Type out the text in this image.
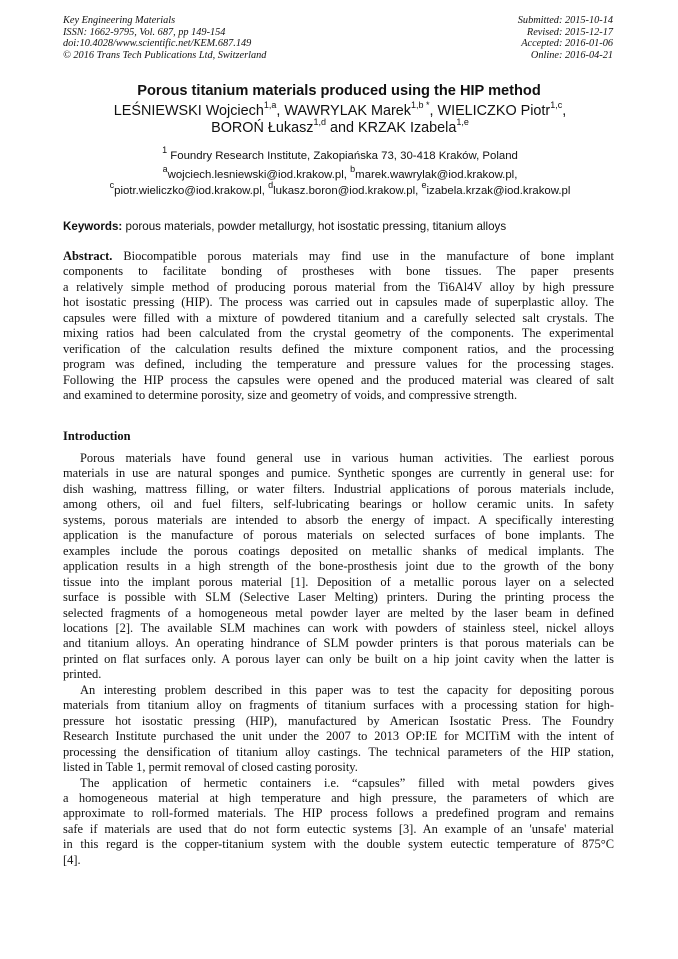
Key Engineering Materials
ISSN: 1662-9795, Vol. 687, pp 149-154
doi:10.4028/www.scientific.net/KEM.687.149
© 2016 Trans Tech Publications Ltd, Switzerland
Submitted: 2015-10-14
Revised: 2015-12-17
Accepted: 2016-01-06
Online: 2016-04-21
Porous titanium materials produced using the HIP method
LEŚNIEWSKI Wojciech$^{1,a}$, WAWRYLAK Marek$^{1,b *}$, WIELICZKO Piotr$^{1,c}$,
BOROŃ Łukasz$^{1,d}$ and KRZAK Izabela$^{1,e}$
$^1$ Foundry Research Institute, Zakopiańska 73, 30-418 Kraków, Poland
$^a$wojciech.lesniewski@iod.krakow.pl, $^b$marek.wawrylak@iod.krakow.pl,
$^c$piotr.wieliczko@iod.krakow.pl, $^d$lukasz.boron@iod.krakow.pl, $^e$izabela.krzak@iod.krakow.pl
Keywords: porous materials, powder metallurgy, hot isostatic pressing, titanium alloys
Abstract. Biocompatible porous materials may find use in the manufacture of bone implant
components to facilitate bonding of prostheses with bone tissues. The paper presents
a relatively simple method of producing porous material from the Ti6Al4V alloy by high pressure
hot isostatic pressing (HIP). The process was carried out in capsules made of superplastic alloy. The
capsules were filled with a mixture of powdered titanium and a carefully selected salt crystals. The
mixing ratios had been calculated from the crystal geometry of the components. The experimental
verification of the calculation results defined the mixture component ratios, and the processing
program was defined, including the temperature and pressure values for the processing stages.
Following the HIP process the capsules were opened and the produced material was cleared of salt
and examined to determine porosity, size and geometry of voids, and compressive strength.
Introduction
Porous materials have found general use in various human activities. The earliest porous
materials in use are natural sponges and pumice. Synthetic sponges are currently in general use: for
dish washing, mattress filling, or water filters. Industrial applications of porous materials include,
among others, oil and fuel filters, self-lubricating bearings or hollow ceramic units. In safety
systems, porous materials are intended to absorb the energy of impact. A specifically interesting
application is the manufacture of porous materials on selected surfaces of bone implants. The
examples include the porous coatings deposited on metallic shanks of medical implants. The
application results in a high strength of the bone-prosthesis joint due to the growth of the bony
tissue into the implant porous material [1]. Deposition of a metallic porous layer on a selected
surface is possible with SLM (Selective Laser Melting) printers. During the printing process the
selected fragments of a homogeneous metal powder layer are melted by the laser beam in defined
locations [2]. The available SLM machines can work with powders of stainless steel, nickel alloys
and titanium alloys. An operating hindrance of SLM powder printers is that porous materials can be
printed on flat surfaces only. A porous layer can only be built on a hip joint cavity when the latter is
printed.
An interesting problem described in this paper was to test the capacity for depositing porous
materials from titanium alloy on fragments of titanium surfaces with a processing station for high-
pressure hot isostatic pressing (HIP), manufactured by American Isostatic Press. The Foundry
Research Institute purchased the unit under the 2007 to 2013 OP:IE for MCITiM with the intent of
processing the densification of titanium alloy castings. The technical parameters of the HIP station,
listed in Table 1, permit removal of closed casting porosity.
The application of hermetic containers i.e. “capsules” filled with metal powders gives
a homogeneous material at high temperature and high pressure, the parameters of which are
approximate to roll-formed materials. The HIP process follows a predefined program and remains
safe if materials are used that do not form eutectic systems [3]. An example of an 'unsafe' material
in this regard is the copper-titanium system with the double system eutectic temperature of 875°C
[4].
